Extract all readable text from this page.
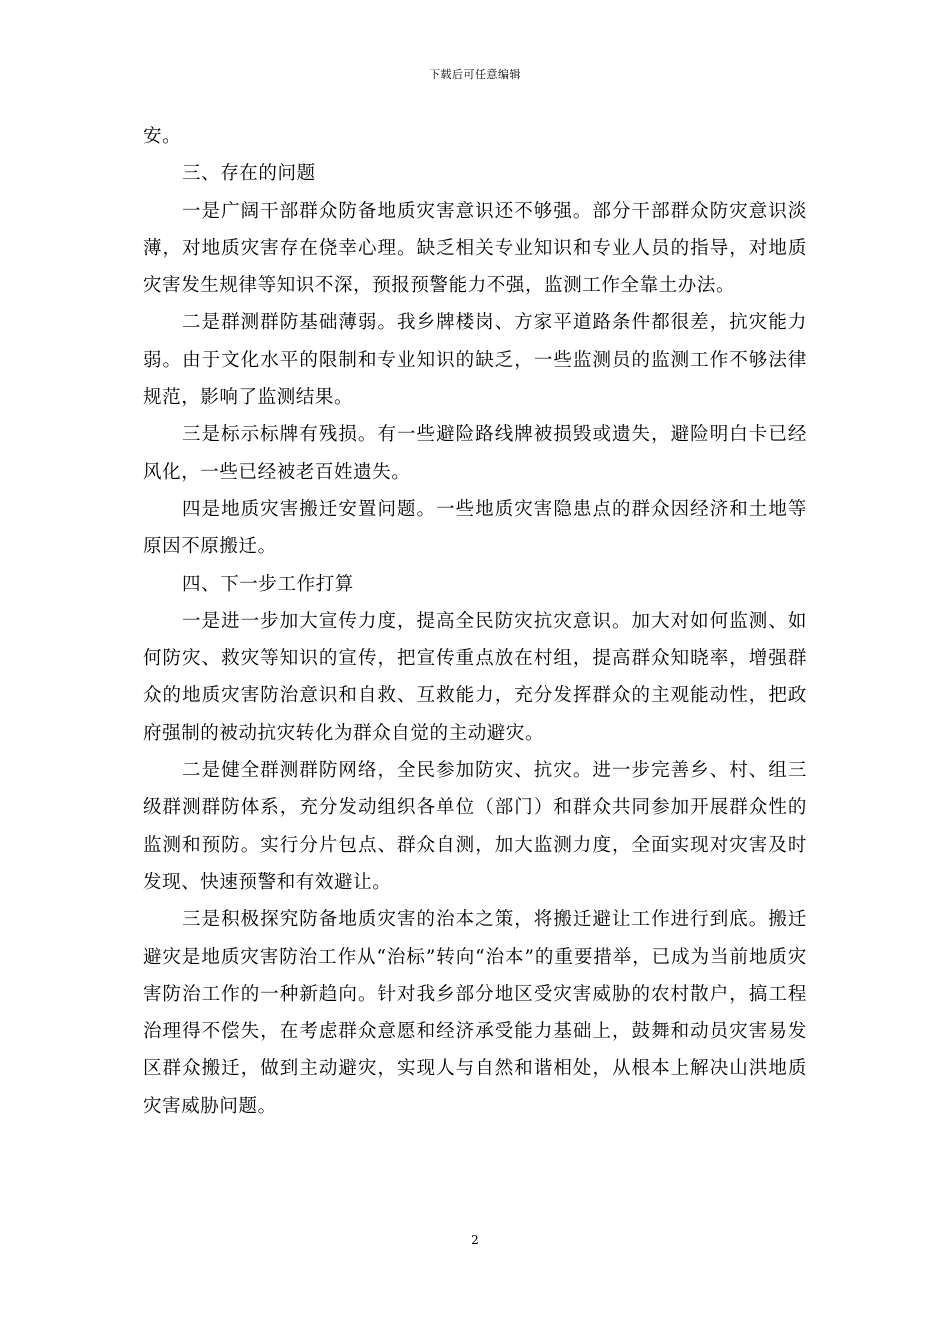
下载后可任意编辑

安。

三、存在的问题

一是广阔干部群众防备地质灾害意识还不够强。部分干部群众防灾意识淡薄，对地质灾害存在侥幸心理。缺乏相关专业知识和专业人员的指导，对地质灾害发生规律等知识不深，预报预警能力不强，监测工作全靠土办法。

二是群测群防基础薄弱。我乡牌楼岗、方家平道路条件都很差，抗灾能力弱。由于文化水平的限制和专业知识的缺乏，一些监测员的监测工作不够法律规范，影响了监测结果。

三是标示标牌有残损。有一些避险路线牌被损毁或遗失，避险明白卡已经风化，一些已经被老百姓遗失。

四是地质灾害搬迁安置问题。一些地质灾害隐患点的群众因经济和土地等原因不原搬迁。

四、下一步工作打算

一是进一步加大宣传力度，提高全民防灾抗灾意识。加大对如何监测、如何防灾、救灾等知识的宣传，把宣传重点放在村组，提高群众知晓率，增强群众的地质灾害防治意识和自救、互救能力，充分发挥群众的主观能动性，把政府强制的被动抗灾转化为群众自觉的主动避灾。

二是健全群测群防网络，全民参加防灾、抗灾。进一步完善乡、村、组三级群测群防体系，充分发动组织各单位（部门）和群众共同参加开展群众性的监测和预防。实行分片包点、群众自测，加大监测力度，全面实现对灾害及时发现、快速预警和有效避让。

三是积极探究防备地质灾害的治本之策，将搬迁避让工作进行到底。搬迁避灾是地质灾害防治工作从“治标”转向“治本”的重要措举，已成为当前地质灾害防治工作的一种新趋向。针对我乡部分地区受灾害威胁的农村散户，搞工程治理得不偿失，在考虑群众意愿和经济承受能力基础上，鼓舞和动员灾害易发区群众搬迁，做到主动避灾，实现人与自然和谐相处，从根本上解决山洪地质灾害威胁问题。

2
